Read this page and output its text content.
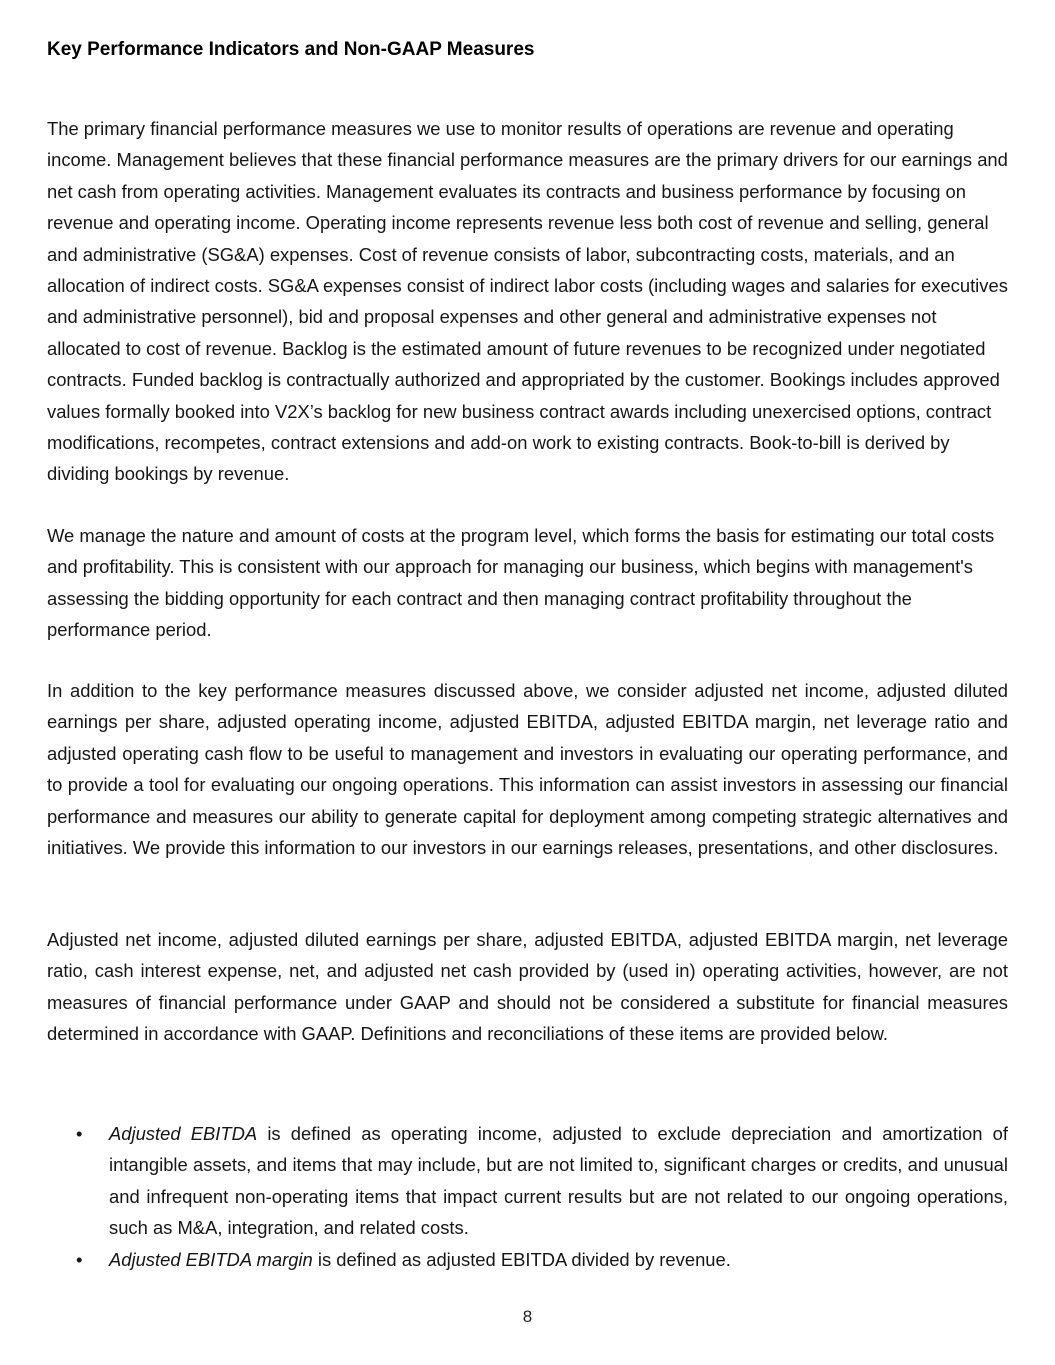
Key Performance Indicators and Non-GAAP Measures

The primary financial performance measures we use to monitor results of operations are revenue and operating income. Management believes that these financial performance measures are the primary drivers for our earnings and net cash from operating activities. Management evaluates its contracts and business performance by focusing on revenue and operating income. Operating income represents revenue less both cost of revenue and selling, general and administrative (SG&A) expenses. Cost of revenue consists of labor, subcontracting costs, materials, and an allocation of indirect costs. SG&A expenses consist of indirect labor costs (including wages and salaries for executives and administrative personnel), bid and proposal expenses and other general and administrative expenses not allocated to cost of revenue. Backlog is the estimated amount of future revenues to be recognized under negotiated contracts. Funded backlog is contractually authorized and appropriated by the customer. Bookings includes approved values formally booked into V2X’s backlog for new business contract awards including unexercised options, contract modifications, recompetes, contract extensions and add-on work to existing contracts. Book-to-bill is derived by dividing bookings by revenue.

We manage the nature and amount of costs at the program level, which forms the basis for estimating our total costs and profitability. This is consistent with our approach for managing our business, which begins with management's assessing the bidding opportunity for each contract and then managing contract profitability throughout the performance period.

In addition to the key performance measures discussed above, we consider adjusted net income, adjusted diluted earnings per share, adjusted operating income, adjusted EBITDA, adjusted EBITDA margin, net leverage ratio and adjusted operating cash flow to be useful to management and investors in evaluating our operating performance, and to provide a tool for evaluating our ongoing operations. This information can assist investors in assessing our financial performance and measures our ability to generate capital for deployment among competing strategic alternatives and initiatives. We provide this information to our investors in our earnings releases, presentations, and other disclosures.

Adjusted net income, adjusted diluted earnings per share, adjusted EBITDA, adjusted EBITDA margin, net leverage ratio, cash interest expense, net, and adjusted net cash provided by (used in) operating activities, however, are not measures of financial performance under GAAP and should not be considered a substitute for financial measures determined in accordance with GAAP. Definitions and reconciliations of these items are provided below.

• Adjusted EBITDA is defined as operating income, adjusted to exclude depreciation and amortization of intangible assets, and items that may include, but are not limited to, significant charges or credits, and unusual and infrequent non-operating items that impact current results but are not related to our ongoing operations, such as M&A, integration, and related costs.
• Adjusted EBITDA margin is defined as adjusted EBITDA divided by revenue.
8
